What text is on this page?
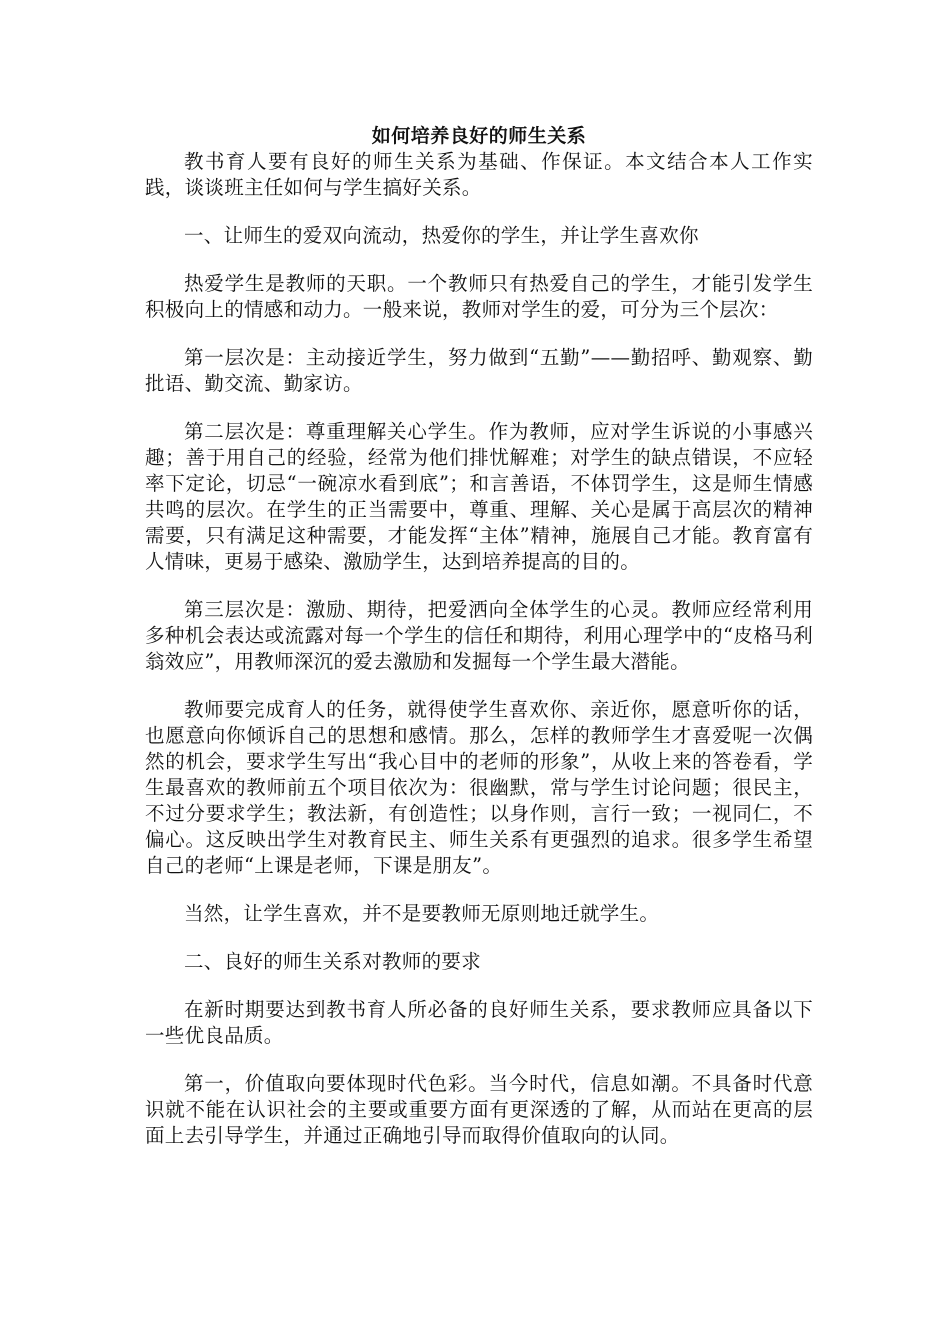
如何培养良好的师生关系

教书育人要有良好的师生关系为基础、作保证。本文结合本人工作实践，谈谈班主任如何与学生搞好关系。

一、让师生的爱双向流动，热爱你的学生，并让学生喜欢你

热爱学生是教师的天职。一个教师只有热爱自己的学生，才能引发学生积极向上的情感和动力。一般来说，教师对学生的爱，可分为三个层次：

第一层次是：主动接近学生，努力做到“五勤”——勤招呼、勤观察、勤批语、勤交流、勤家访。

第二层次是：尊重理解关心学生。作为教师，应对学生诉说的小事感兴趣；善于用自己的经验，经常为他们排忧解难；对学生的缺点错误，不应轻率下定论，切忌“一碗凉水看到底”；和言善语，不体罚学生，这是师生情感共鸣的层次。在学生的正当需要中，尊重、理解、关心是属于高层次的精神需要，只有满足这种需要，才能发挥“主体”精神，施展自己才能。教育富有人情味，更易于感染、激励学生，达到培养提高的目的。

第三层次是：激励、期待，把爱洒向全体学生的心灵。教师应经常利用多种机会表达或流露对每一个学生的信任和期待，利用心理学中的“皮格马利翁效应”，用教师深沉的爱去激励和发掘每一个学生最大潜能。

教师要完成育人的任务，就得使学生喜欢你、亲近你，愿意听你的话，也愿意向你倾诉自己的思想和感情。那么，怎样的教师学生才喜爱呢一次偶然的机会，要求学生写出“我心目中的老师的形象”，从收上来的答卷看，学生最喜欢的教师前五个项目依次为：很幽默，常与学生讨论问题；很民主，不过分要求学生；教法新，有创造性；以身作则，言行一致；一视同仁，不偏心。这反映出学生对教育民主、师生关系有更强烈的追求。很多学生希望自己的老师“上课是老师，下课是朋友”。

当然，让学生喜欢，并不是要教师无原则地迁就学生。

二、良好的师生关系对教师的要求

在新时期要达到教书育人所必备的良好师生关系，要求教师应具备以下一些优良品质。

第一，价值取向要体现时代色彩。当今时代，信息如潮。不具备时代意识就不能在认识社会的主要或重要方面有更深透的了解，从而站在更高的层面上去引导学生，并通过正确地引导而取得价值取向的认同。
